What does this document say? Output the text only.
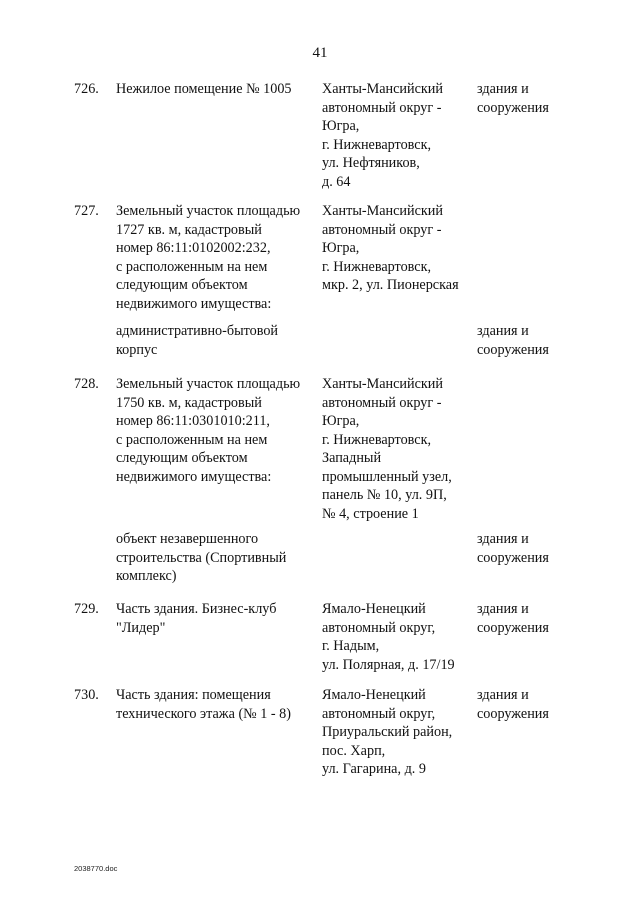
41
726. Нежилое помещение № 1005	Ханты-Мансийский
автономный округ -
Югра,
г. Нижневартовск,
ул. Нефтяников,
д. 64
здания и
сооружения
727. Земельный участок площадью
1727 кв. м, кадастровый
номер 86:11:0102002:232,
с расположенным на нем
следующим объектом
недвижимого имущества:
Ханты-Мансийский
автономный округ -
Югра,
г. Нижневартовск,
мкр. 2, ул. Пионерская
административно-бытовой
корпус
здания и
сооружения
728. Земельный участок площадью
1750 кв. м, кадастровый
номер 86:11:0301010:211,
с расположенным на нем
следующим объектом
недвижимого имущества:
Ханты-Мансийский
автономный округ -
Югра,
г. Нижневартовск,
Западный
промышленный узел,
панель № 10, ул. 9П,
№ 4, строение 1
объект незавершенного
строительства (Спортивный
комплекс)
здания и
сооружения
729. Часть здания. Бизнес-клуб
"Лидер"
Ямало-Ненецкий
автономный округ,
г. Надым,
ул. Полярная, д. 17/19
здания и
сооружения
730. Часть здания: помещения
технического этажа (№ 1 - 8)
Ямало-Ненецкий
автономный округ,
Приуральский район,
пос. Харп,
ул. Гагарина, д. 9
здания и
сооружения
2038770.doc
